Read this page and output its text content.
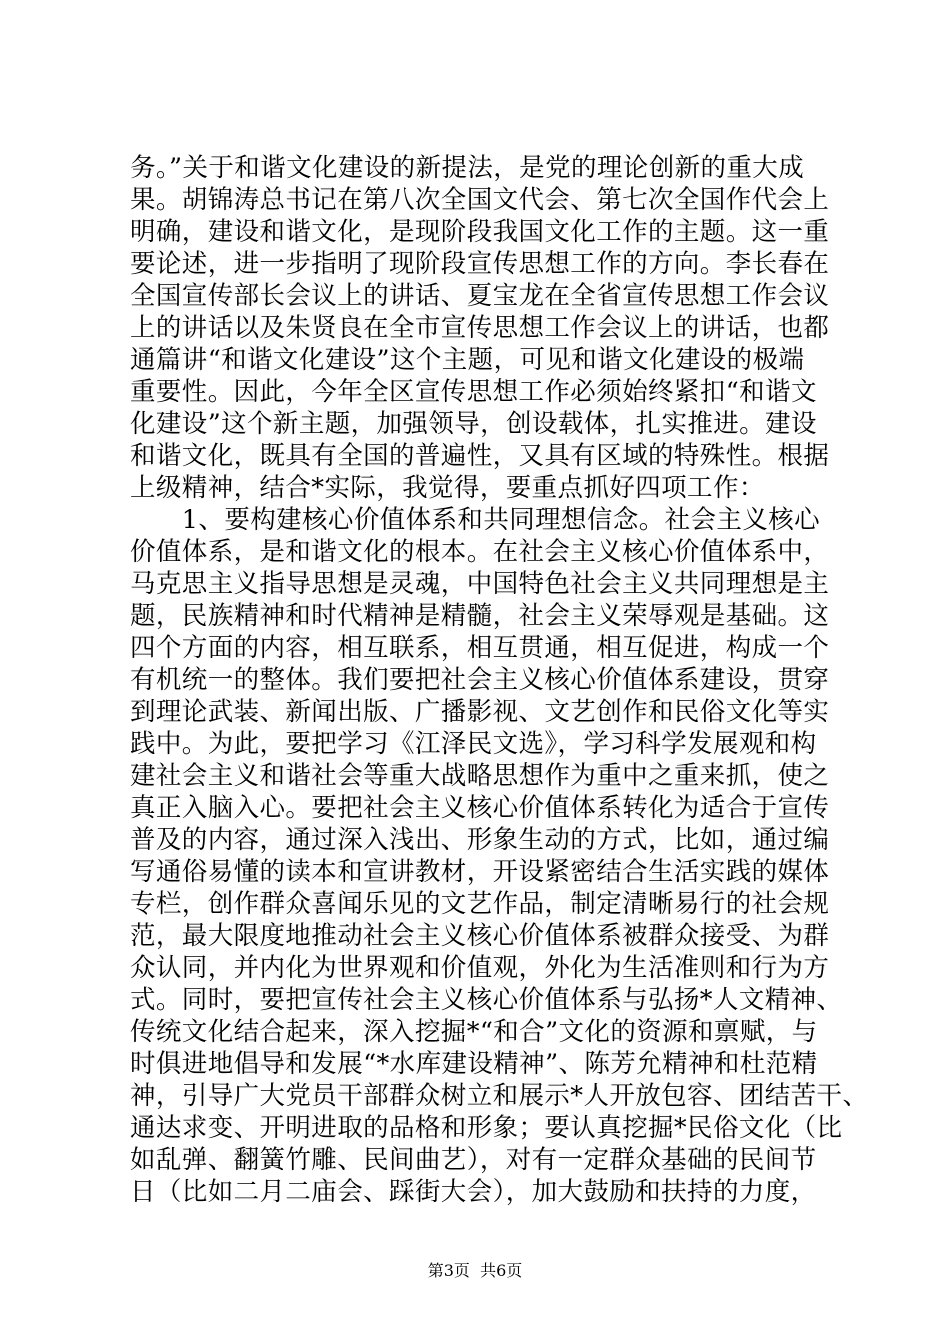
务。”关于和谐文化建设的新提法，是党的理论创新的重大成
果。胡锦涛总书记在第八次全国文代会、第七次全国作代会上
明确，建设和谐文化，是现阶段我国文化工作的主题。这一重
要论述，进一步指明了现阶段宣传思想工作的方向。李长春在
全国宣传部长会议上的讲话、夏宝龙在全省宣传思想工作会议
上的讲话以及朱贤良在全市宣传思想工作会议上的讲话，也都
通篇讲“和谐文化建设”这个主题，可见和谐文化建设的极端
重要性。因此，今年全区宣传思想工作必须始终紧扣“和谐文
化建设”这个新主题，加强领导，创设载体，扎实推进。建设
和谐文化，既具有全国的普遍性，又具有区域的特殊性。根据
上级精神，结合*实际，我觉得，要重点抓好四项工作：
　　1、要构建核心价值体系和共同理想信念。社会主义核心
价值体系，是和谐文化的根本。在社会主义核心价值体系中，
马克思主义指导思想是灵魂，中国特色社会主义共同理想是主
题，民族精神和时代精神是精髓，社会主义荣辱观是基础。这
四个方面的内容，相互联系，相互贯通，相互促进，构成一个
有机统一的整体。我们要把社会主义核心价值体系建设，贯穿
到理论武装、新闻出版、广播影视、文艺创作和民俗文化等实
践中。为此，要把学习《江泽民文选》，学习科学发展观和构
建社会主义和谐社会等重大战略思想作为重中之重来抓，使之
真正入脑入心。要把社会主义核心价值体系转化为适合于宣传
普及的内容，通过深入浅出、形象生动的方式，比如，通过编
写通俗易懂的读本和宣讲教材，开设紧密结合生活实践的媒体
专栏，创作群众喜闻乐见的文艺作品，制定清晰易行的社会规
范，最大限度地推动社会主义核心价值体系被群众接受、为群
众认同，并内化为世界观和价值观，外化为生活准则和行为方
式。同时，要把宣传社会主义核心价值体系与弘扬*人文精神、
传统文化结合起来，深入挖掘*“和合”文化的资源和禀赋，与
时俱进地倡导和发展“*水库建设精神”、陈芳允精神和杜范精
神，引导广大党员干部群众树立和展示*人开放包容、团结苦干、
通达求变、开明进取的品格和形象；要认真挖掘*民俗文化（比
如乱弹、翻簧竹雕、民间曲艺），对有一定群众基础的民间节
日（比如二月二庙会、踩街大会），加大鼓励和扶持的力度，
第3页  共6页
